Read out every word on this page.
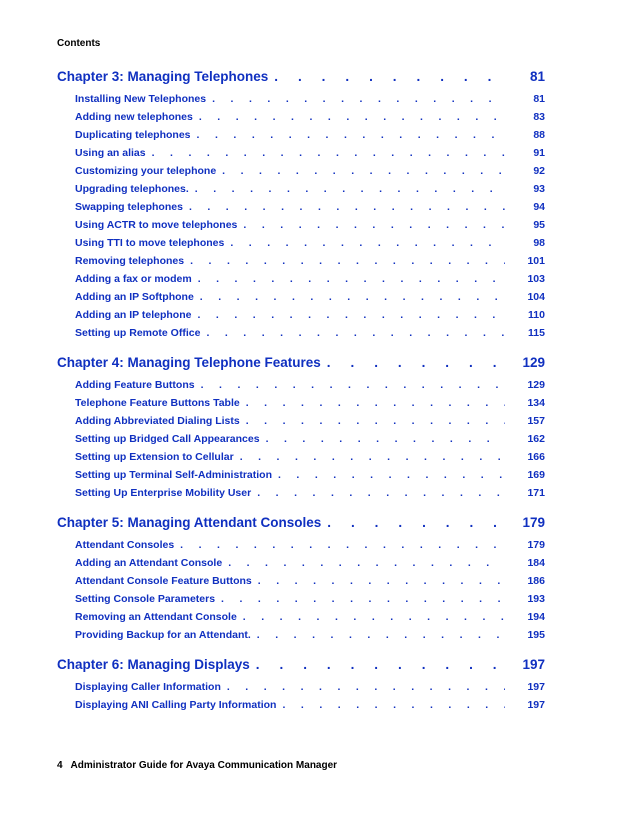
Contents
Chapter 3: Managing Telephones . . .	81
Installing New Telephones . . .	81
Adding new telephones . . .	83
Duplicating telephones . . .	88
Using an alias . . .	91
Customizing your telephone . . .	92
Upgrading telephones. . . .	93
Swapping telephones . . .	94
Using ACTR to move telephones . . .	95
Using TTI to move telephones . . .	98
Removing telephones . . .	101
Adding a fax or modem . . .	103
Adding an IP Softphone . . .	104
Adding an IP telephone . . .	110
Setting up Remote Office . . .	115
Chapter 4: Managing Telephone Features . . .	129
Adding Feature Buttons . . .	129
Telephone Feature Buttons Table . . .	134
Adding Abbreviated Dialing Lists . . .	157
Setting up Bridged Call Appearances . . .	162
Setting up Extension to Cellular . . .	166
Setting up Terminal Self-Administration . . .	169
Setting Up Enterprise Mobility User . . .	171
Chapter 5: Managing Attendant Consoles . . .	179
Attendant Consoles . . .	179
Adding an Attendant Console . . .	184
Attendant Console Feature Buttons . . .	186
Setting Console Parameters . . .	193
Removing an Attendant Console . . .	194
Providing Backup for an Attendant. . . .	195
Chapter 6: Managing Displays . . .	197
Displaying Caller Information . . .	197
Displaying ANI Calling Party Information . . .	197
4 Administrator Guide for Avaya Communication Manager
